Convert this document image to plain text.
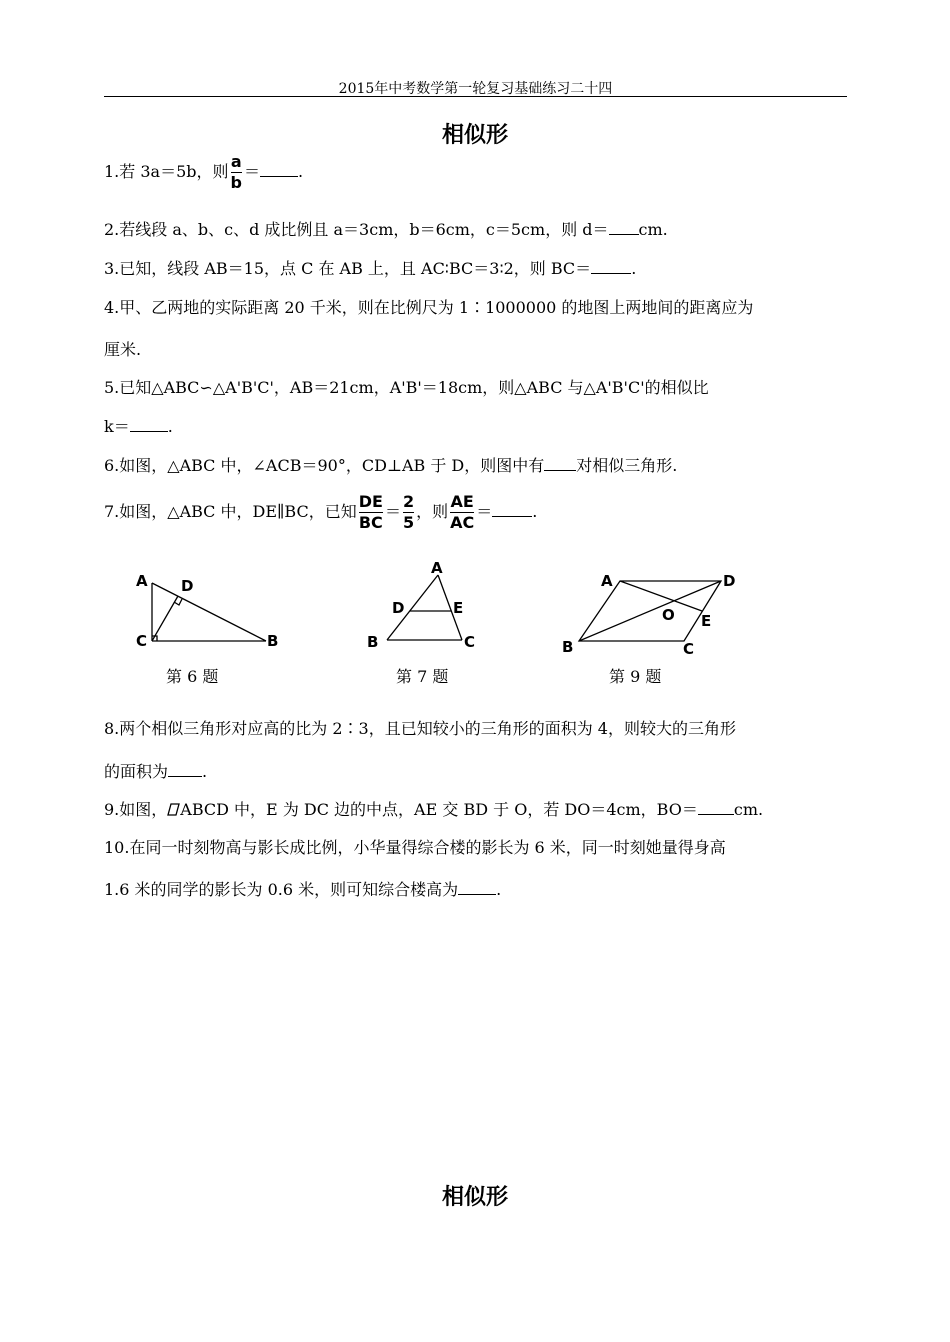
2015年中考数学第一轮复习基础练习二十四
相似形
1.若 3a＝5b，则 $\frac{a}{b}$ ＝ .
2.若线段 a、b、c、d 成比例且 a＝3cm，b＝6cm，c＝5cm，则 d＝ cm.
3.已知，线段 AB＝15，点 C 在 AB 上，且 AC∶BC＝3∶2，则 BC＝	.
4.甲、乙两地的实际距离 20 千米，则在比例尺为 1∶1000000 的地图上两地间的距离应为
厘米.
5.已知△ABC∽△A'B'C'，AB＝21cm，A'B'＝18cm，则△ABC 与△A'B'C'的相似比
k＝ .
6.如图，△ABC 中，∠ACB＝90°，CD⊥AB 于 D，则图中有 对相似三角形.
7.如图，△ABC 中，DE∥BC，已知 $\frac{DE}{BC} = \frac{2}{5}$ ，则 $\frac{AE}{AC}$ ＝	.
A D
C	B
第 6 题
A
D	E
B	C
第 7 题
A	D
O E
B	C
第 9 题
8.两个相似三角形对应高的比为 2∶3，且已知较小的三角形的面积为 4，则较大的三角形
的面积为 .
9.如图， ABCD 中，E 为 DC 边的中点，AE 交 BD 于 O，若 DO＝4cm，BO＝ cm.
10.在同一时刻物高与影长成比例，小华量得综合楼的影长为 6 米，同一时刻她量得身高
1.6 米的同学的影长为 0.6 米，则可知综合楼高为 .
相似形
